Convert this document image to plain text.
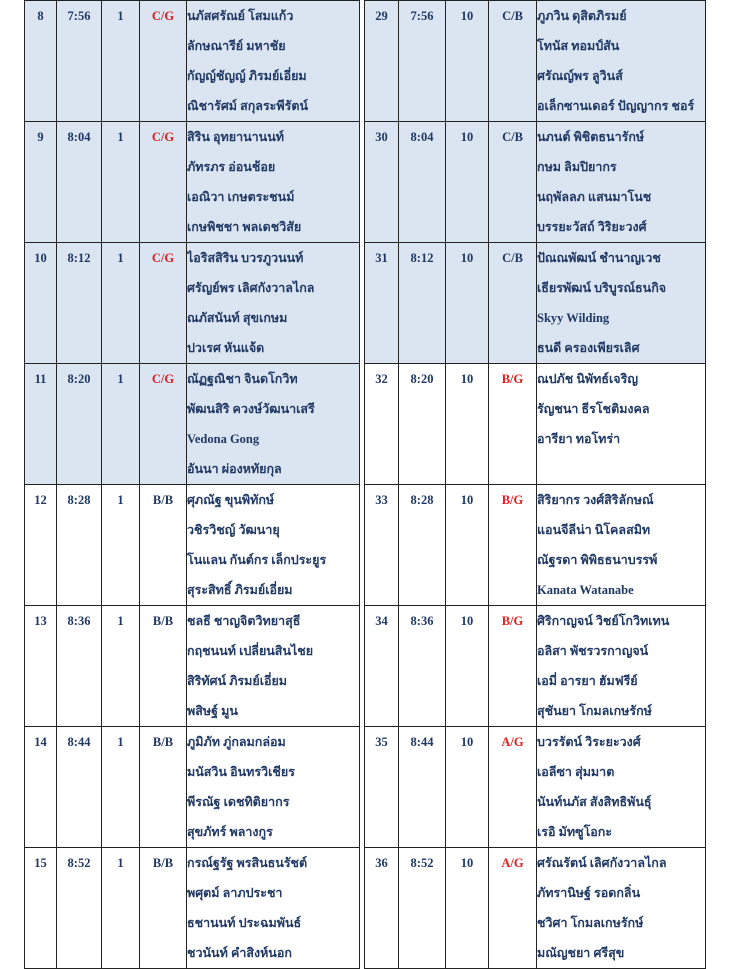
8	7:56	1	C/G	นภัสศรัณย์ โสมแก้ว
ลักษณารีย์ มหาชัย
กัญญ์ชัญญ์ ภิรมย์เอี่ยม
ณิชารัศม์ สกุลระพีรัตน์

9	8:04	1	C/G	สิริน อุทยานานนท์
ภัทรภร อ่อนช้อย
เอณิวา เกษตระชนม์
เกษพิชชา พลเดชวิสัย

10	8:12	1	C/G	ไอริสสิริน บวรภูวนนท์
ศรัญย์พร เลิศกังวาลไกล
ณภัสนันท์ สุขเกษม
ปวเรศ หันแจ้ด

11	8:20	1	C/G	ณัฏฐณิชา จินดโกวิท
พัฒนสิริ ควงษ์วัฒนาเสรี
Vedona Gong
อันนา ผ่องหทัยกุล

12	8:28	1	B/B	ศุภณัฐ ขุนพิทักษ์
วชิรวิชญ์ วัฒนายุ
โนแลน กันต์กร เล็กประยูร
สุระสิทธิ์ ภิรมย์เอี่ยม

13	8:36	1	B/B	ชลธี ชาญจิตวิทยาสุธี
กฤชนนท์ เปลี่ยนสินไชย
สิริทัศน์ ภิรมย์เอี่ยม
พสิษฐ์ มูน

14	8:44	1	B/B	ภูมิภัท ภู่กลมกล่อม
มนัสวิน อินทรวิเชียร
พีรณัฐ เดชทิติยากร
สุขภัทร์ พลางกูร

15	8:52	1	B/B	กรณ์ฐรัฐ พรสินธนรัชต์
พศุตม์ ลาภประชา
ธชานนท์ ประฉมพันธ์
ชวนันท์ คำสิงห์นอก
29	7:56	10	C/B	ภูภวิน ดุสิตภิรมย์
โทนัส ทอมป์สัน
ศรัณญ์พร ลูวินส์
อเล็กซานเดอร์ ปัญญากร ชอร์

30	8:04	10	C/B	นภนต์ พิชิตธนารักษ์
กษม ลิมปิยากร
นฤพัลลภ แสนมาโนช
บรรยะวัสถ์ วิริยะวงศ์

31	8:12	10	C/B	ปัณณพัฒน์ ชำนาญเวช
เธียรพัฒน์ บริบูรณ์ธนกิจ
Skyy Wilding
ธนดี ครองเพียรเลิศ

32	8:20	10	B/G	ณปภัช นิพัทธ์เจริญ
รัญชนา ธีรโชติมงคล
อารียา ทอโทร่า

33	8:28	10	B/G	สิริยากร วงศ์สิริลักษณ์
แอนจีลีน่า นิโคลสมิท
ณัฐรดา พิพิธธนาบรรพ์
Kanata Watanabe

34	8:36	10	B/G	ศิริกาญจน์ วิชย์โกวิทเทน
อลิสา พัชรวรกาญจน์
เอมี่ อารยา ฮัมฟรีย์
สุชันยา โกมลเกษรักษ์

35	8:44	10	A/G	บวรรัตน์ วิระยะวงศ์
เอลีซา สุ่มมาต
นันท์นภัส สังสิทธิพันธุ์
เรอิ มัทซูโอกะ

36	8:52	10	A/G	ศรัณรัตน์ เลิศกังวาลไกล
ภัทรานิษฐ์ รอดกลิ่น
ชวิศา โกมลเกษรักษ์
มณัญชยา ศรีสุข
